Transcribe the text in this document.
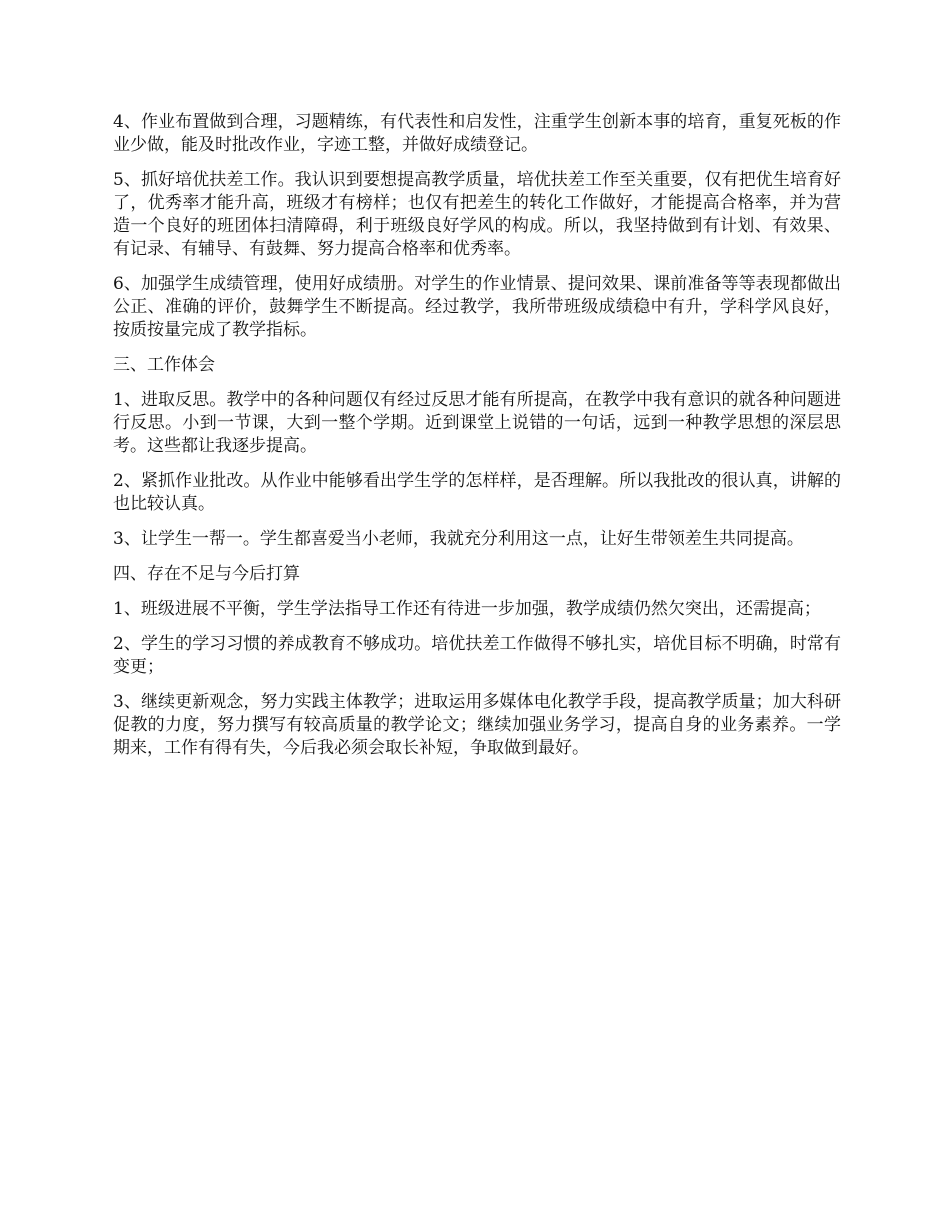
4、作业布置做到合理，习题精练，有代表性和启发性，注重学生创新本事的培育，重复死板的作业少做，能及时批改作业，字迹工整，并做好成绩登记。

5、抓好培优扶差工作。我认识到要想提高教学质量，培优扶差工作至关重要，仅有把优生培育好了，优秀率才能升高，班级才有榜样；也仅有把差生的转化工作做好，才能提高合格率，并为营造一个良好的班团体扫清障碍，利于班级良好学风的构成。所以，我坚持做到有计划、有效果、有记录、有辅导、有鼓舞、努力提高合格率和优秀率。

6、加强学生成绩管理，使用好成绩册。对学生的作业情景、提问效果、课前准备等等表现都做出公正、准确的评价，鼓舞学生不断提高。经过教学，我所带班级成绩稳中有升，学科学风良好，按质按量完成了教学指标。

三、工作体会

1、进取反思。教学中的各种问题仅有经过反思才能有所提高，在教学中我有意识的就各种问题进行反思。小到一节课，大到一整个学期。近到课堂上说错的一句话，远到一种教学思想的深层思考。这些都让我逐步提高。

2、紧抓作业批改。从作业中能够看出学生学的怎样样，是否理解。所以我批改的很认真，讲解的也比较认真。

3、让学生一帮一。学生都喜爱当小老师，我就充分利用这一点，让好生带领差生共同提高。

四、存在不足与今后打算

1、班级进展不平衡，学生学法指导工作还有待进一步加强，教学成绩仍然欠突出，还需提高；

2、学生的学习习惯的养成教育不够成功。培优扶差工作做得不够扎实，培优目标不明确，时常有变更；

3、继续更新观念，努力实践主体教学；进取运用多媒体电化教学手段，提高教学质量；加大科研促教的力度，努力撰写有较高质量的教学论文；继续加强业务学习，提高自身的业务素养。一学期来，工作有得有失，今后我必须会取长补短，争取做到最好。
